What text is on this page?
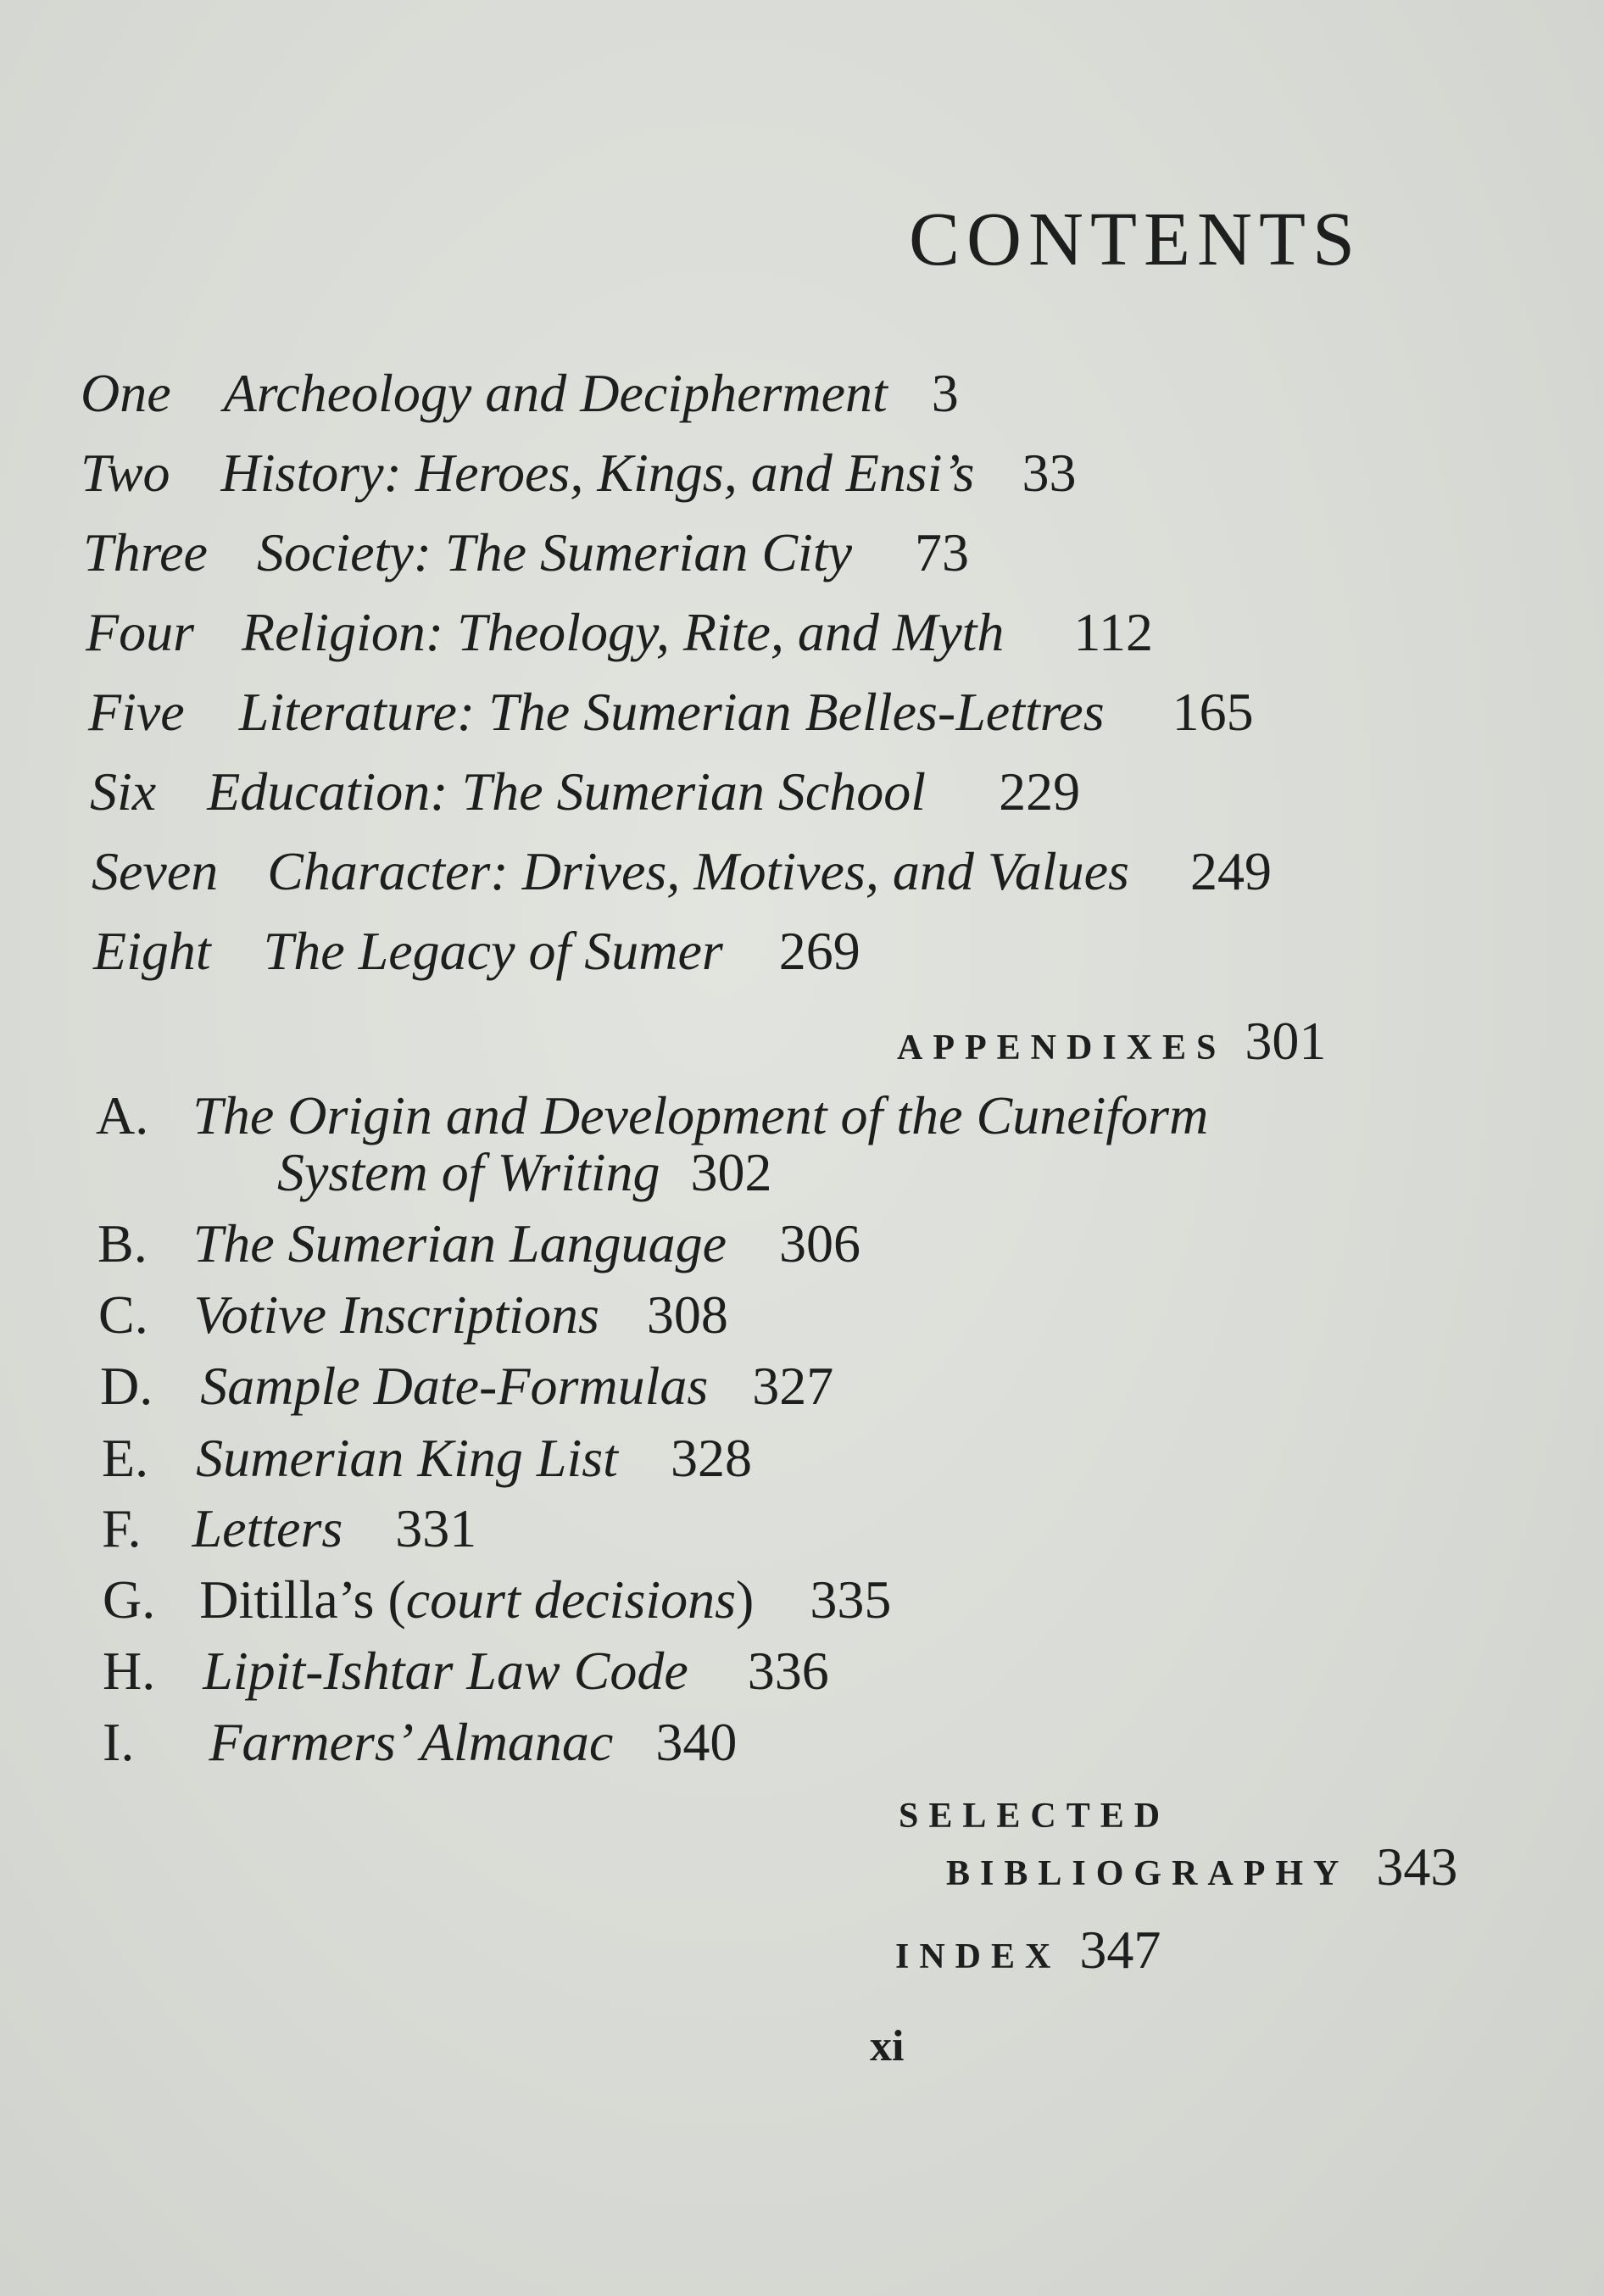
CONTENTS
One Archeology and Decipherment 3
Two History: Heroes, Kings, and Ensi’s 33
Three Society: The Sumerian City 73
Four Religion: Theology, Rite, and Myth 112
Five Literature: The Sumerian Belles-Lettres 165
Six Education: The Sumerian School 229
Seven Character: Drives, Motives, and Values 249
Eight The Legacy of Sumer 269
APPENDIXES 301
A. The Origin and Development of the Cuneiform
System of Writing 302
B. The Sumerian Language 306
C. Votive Inscriptions 308
D. Sample Date-Formulas 327
E. Sumerian King List 328
F. Letters 331
G. Ditilla’s (court decisions) 335
H. Lipit-Ishtar Law Code 336
I. Farmers’ Almanac 340
SELECTED
BIBLIOGRAPHY 343
INDEX 347
xi
